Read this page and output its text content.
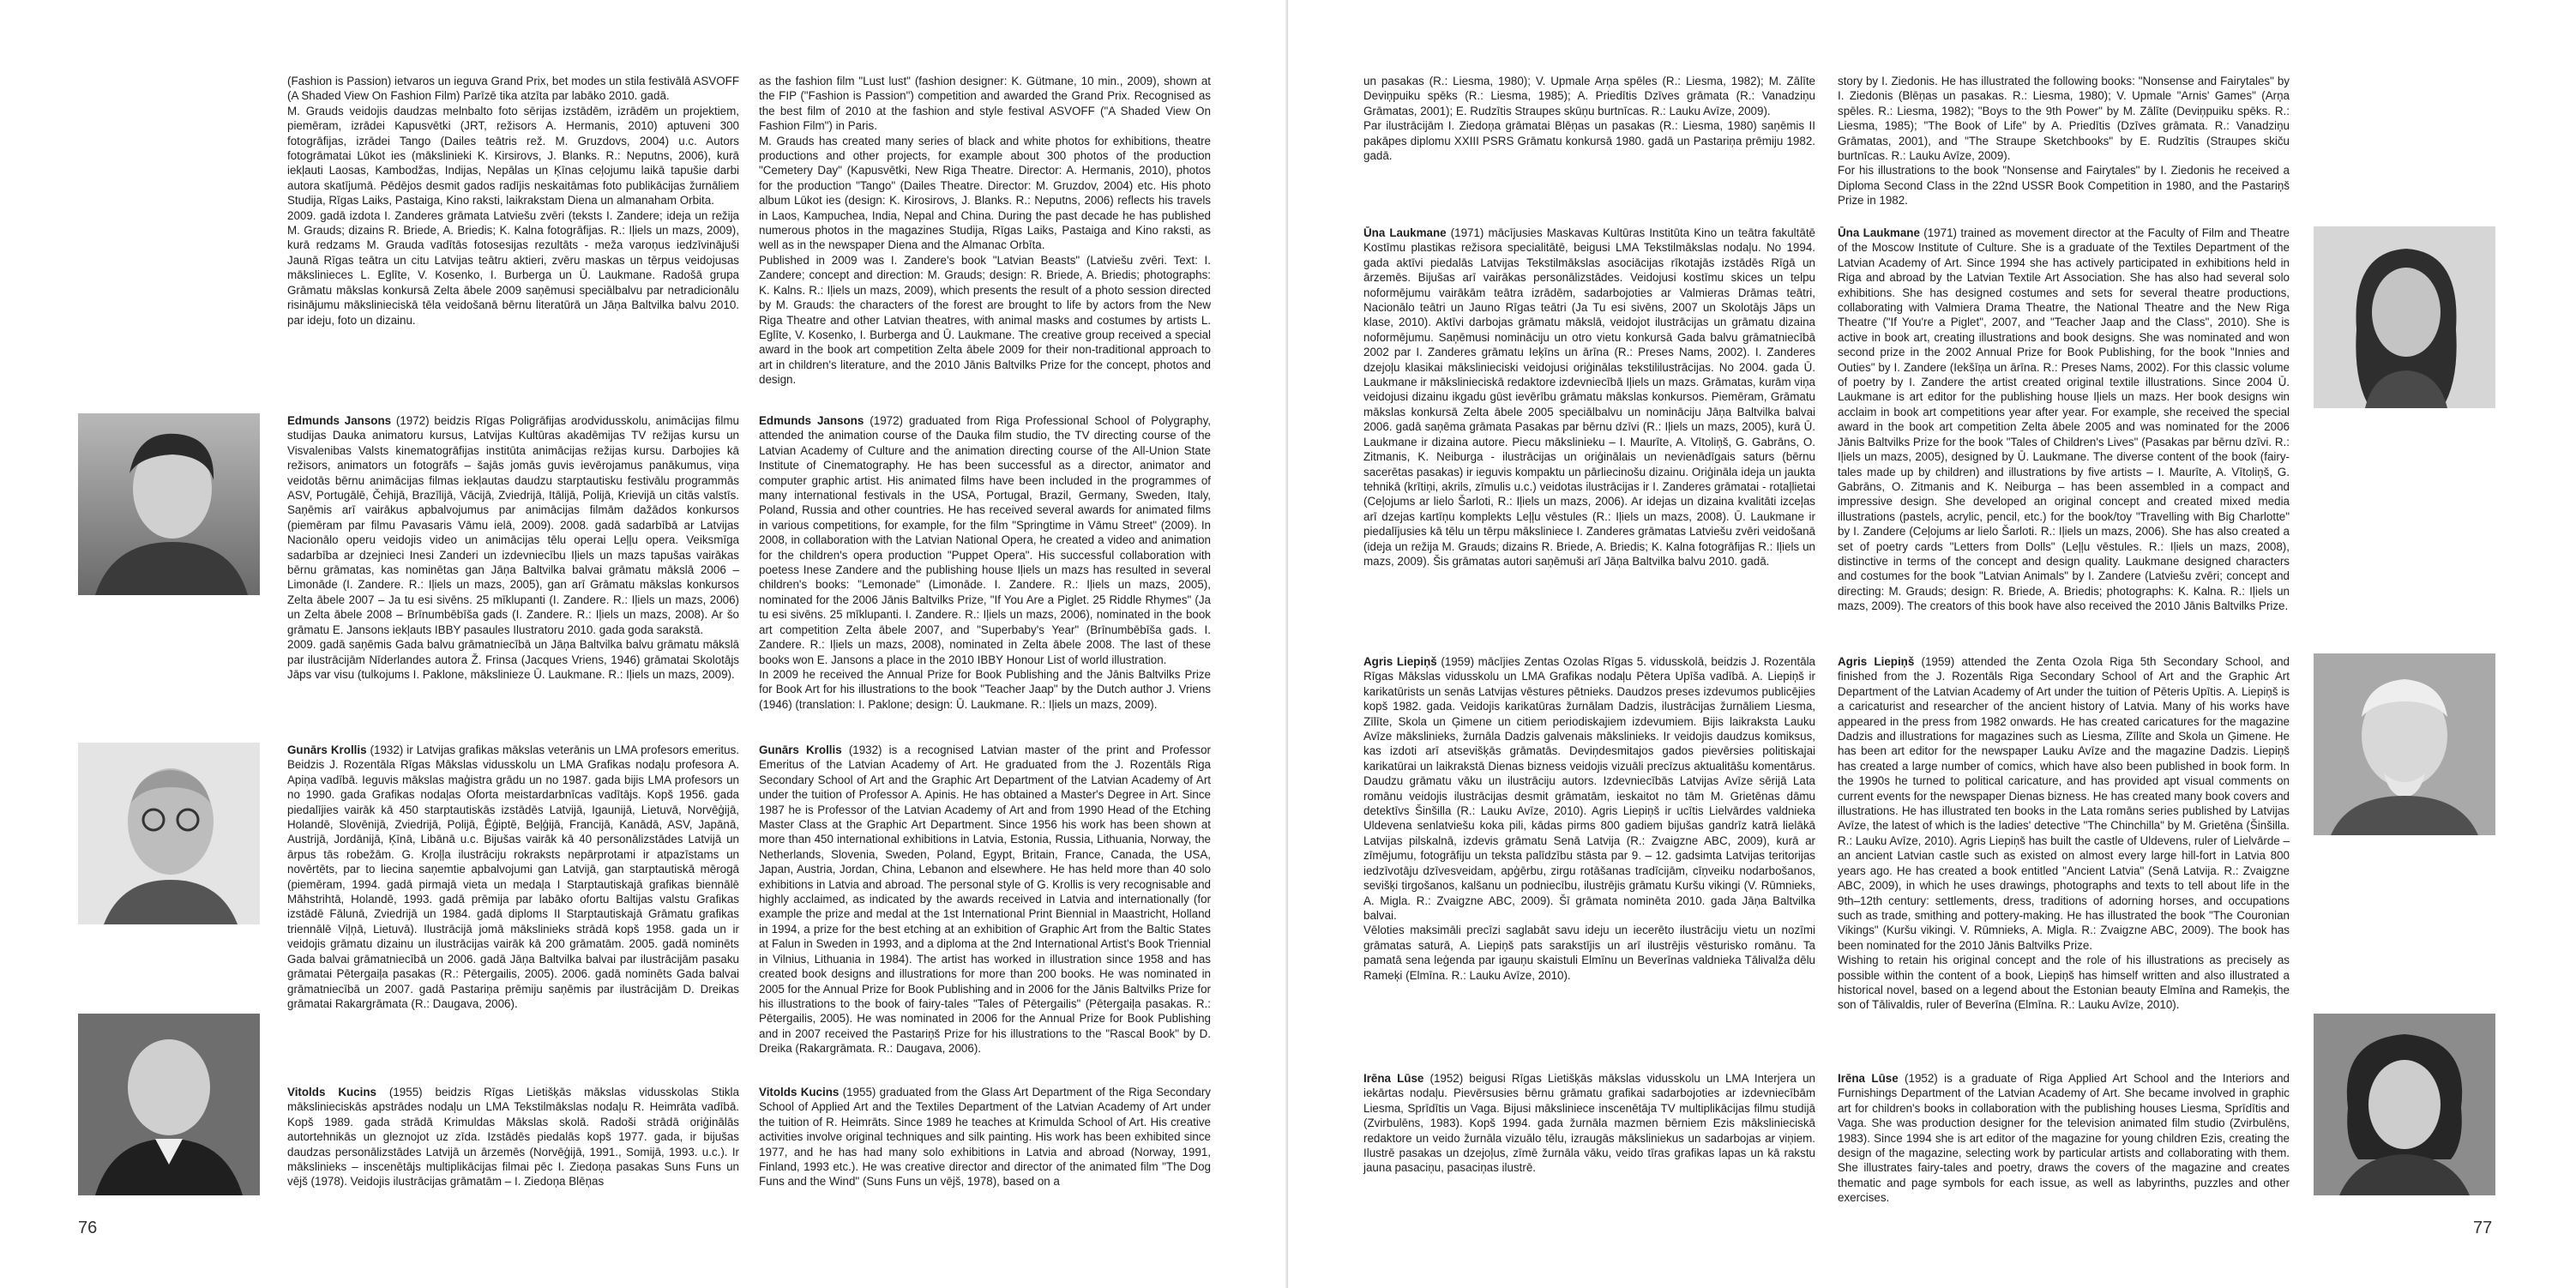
(Fashion is Passion) ietvaros un ieguva Grand Prix, bet modes un stila festivālā ASVOFF (A Shaded View On Fashion Film) Parīzē tika atzīta par labāko 2010. gadā.

M. Grauds veidojis daudzas melnbalto foto sērijas izstādēm, izrādēm un projektiem, piemēram, izrādei Kapusvētki (JRT, režisors A. Hermanis, 2010) aptuveni 300 fotogrāfijas, izrādei Tango (Dailes teātris rež. M. Gruzdovs, 2004) u.c. Autors fotogrāmatai Lūkot ies (mākslinieki K. Kirsirovs, J. Blanks. R.: Neputns, 2006), kurā iekļauti Laosas, Kambodžas, Indijas, Nepālas un Ķīnas ceļojumu laikā tapušie darbi autora skatījumā. Pēdējos desmit gados radījis neskaitāmas foto publikācijas žurnāliem Studija, Rīgas Laiks, Pastaiga, Kino raksti, laikrakstam Diena un almanaham Orbita.

2009. gadā izdota I. Zanderes grāmata Latviešu zvēri (teksts I. Zandere; ideja un režija M. Grauds; dizains R. Briede, A. Briedis; K. Kalna fotogrāfijas. R.: Iļiels un mazs, 2009), kurā redzams M. Grauda vadītās fotosesijas rezultāts - meža varoņus iedzīvinājuši Jaunā Rīgas teātra un citu Latvijas teātru aktieri, zvēru maskas un tērpus veidojusas mākslinieces L. Eglīte, V. Kosenko, I. Burberga un Ū. Laukmane. Radošā grupa Grāmatu mākslas konkursā Zelta ābele 2009 saņēmusi speciālbalvu par netradicionālu risinājumu mākslinieciskā tēla veidošanā bērnu literatūrā un Jāņa Baltvilka balvu 2010. par ideju, foto un dizainu.

as the fashion film "Lust lust" (fashion designer: K. Gütmane, 10 min., 2009), shown at the FIP ("Fashion is Passion") competition and awarded the Grand Prix. Recognised as the best film of 2010 at the fashion and style festival ASVOFF ("A Shaded View On Fashion Film") in Paris.

M. Grauds has created many series of black and white photos for exhibitions, theatre productions and other projects, for example about 300 photos of the production "Cemetery Day" (Kapusvētki, New Riga Theatre. Director: A. Hermanis, 2010), photos for the production "Tango" (Dailes Theatre. Director: M. Gruzdov, 2004) etc. His photo album Lūkot ies (design: K. Kirosirovs, J. Blanks. R.: Neputns, 2006) reflects his travels in Laos, Kampuchea, India, Nepal and China. During the past decade he has published numerous photos in the magazines Studija, Rīgas Laiks, Pastaiga and Kino raksti, as well as in the newspaper Diena and the Almanac Orbīta.

Published in 2009 was I. Zandere's book "Latvian Beasts" (Latviešu zvēri. Text: I. Zandere; concept and direction: M. Grauds; design: R. Briede, A. Briedis; photographs: K. Kalns. R.: Iļiels un mazs, 2009), which presents the result of a photo session directed by M. Grauds: the characters of the forest are brought to life by actors from the New Riga Theatre and other Latvian theatres, with animal masks and costumes by artists L. Eglīte, V. Kosenko, I. Burberga and Ū. Laukmane. The creative group received a special award in the book art competition Zelta ābele 2009 for their non-traditional approach to art in children's literature, and the 2010 Jānis Baltvilks Prize for the concept, photos and design.

Edmunds Jansons (1972) beidzis Rīgas Poligrāfijas arodvidusskolu, animācijas filmu studijas Dauka animatoru kursus, Latvijas Kultūras akadēmijas TV režijas kursu un Visvalenibas Valsts kinematogrāfijas institūta animācijas režijas kursu. Darbojies kā režisors, animators un fotogrāfs – šajās jomās guvis ievērojamus panākumus, viņa veidotās bērnu animācijas filmas iekļautas daudzu starptautisku festivālu programmās ASV, Portugālē, Čehijā, Brazīlijā, Vācijā, Zviedrijā, Itālijā, Polijā, Krievijā un citās valstīs. Saņēmis arī vairākus apbalvojumus par animācijas filmām dažādos konkursos (piemēram par filmu Pavasaris Vāmu ielā, 2009). 2008. gadā sadarbībā ar Latvijas Nacionālo operu veidojis video un animācijas tēlu operai Leļļu opera. Veiksmīga sadarbība ar dzejnieci Inesi Zanderi un izdevniecību Iļiels un mazs tapušas vairākas bērnu grāmatas, kas nominētas gan Jāņa Baltvilka balvai grāmatu mākslā 2006 – Limonāde (I. Zandere. R.: Iļiels un mazs, 2005), gan arī Grāmatu mākslas konkursos Zelta ābele 2007 – Ja tu esi sivēns. 25 mīklupanti (I. Zandere. R.: Iļiels un mazs, 2006) un Zelta ābele 2008 – Brīnumbēbīša gads (I. Zandere. R.: Iļiels un mazs, 2008). Ar šo grāmatu E. Jansons iekļauts IBBY pasaules Ilustratoru 2010. gada goda sarakstā.
2009. gadā saņēmis Gada balvu grāmatniecībā un Jāņa Baltvilka balvu grāmatu mākslā par ilustrācijām Nīderlandes autora Ž. Frinsa (Jacques Vriens, 1946) grāmatai Skolotājs Jāps var visu (tulkojums I. Paklone, mākslinieze Ū. Laukmane. R.: Iļiels un mazs, 2009).

Edmunds Jansons (1972) graduated from Riga Professional School of Polygraphy, attended the animation course of the Dauka film studio, the TV directing course of the Latvian Academy of Culture and the animation directing course of the All-Union State Institute of Cinematography. He has been successful as a director, animator and computer graphic artist. His animated films have been included in the programmes of many international festivals in the USA, Portugal, Brazil, Germany, Sweden, Italy, Poland, Russia and other countries. He has received several awards for animated films in various competitions, for example, for the film "Springtime in Vāmu Street" (2009). In 2008, in collaboration with the Latvian National Opera, he created a video and animation for the children's opera production "Puppet Opera". His successful collaboration with poetess Inese Zandere and the publishing house Iļiels un mazs has resulted in several children's books: "Lemonade" (Limonāde. I. Zandere. R.: Iļiels un mazs, 2005), nominated for the 2006 Jānis Baltvilks Prize, "If You Are a Piglet. 25 Riddle Rhymes" (Ja tu esi sivēns. 25 mīklupanti. I. Zandere. R.: Iļiels un mazs, 2006), nominated in the book art competition Zelta ābele 2007, and "Superbaby's Year" (Brīnumbēbīša gads. I. Zandere. R.: Iļiels un mazs, 2008), nominated in Zelta ābele 2008. The last of these books won E. Jansons a place in the 2010 IBBY Honour List of world illustration.
In 2009 he received the Annual Prize for Book Publishing and the Jānis Baltvilks Prize for Book Art for his illustrations to the book "Teacher Jaap" by the Dutch author J. Vriens (1946) (translation: I. Paklone; design: Ū. Laukmane. R.: Iļiels un mazs, 2009).

Gunārs Krollis (1932) ir Latvijas grafikas mākslas veterānis un LMA profesors emeritus. Beidzis J. Rozentāla Rīgas Mākslas vidusskolu un LMA Grafikas nodaļu profesora A. Apiņa vadībā. Ieguvis mākslas maģistra grādu un no 1987. gada bijis LMA profesors un no 1990. gada Grafikas nodaļas Oforta meistardarbnīcas vadītājs. Kopš 1956. gada piedalījies vairāk kā 450 starptautiskās izstādēs Latvijā, Igaunijā, Lietuvā, Norvēģijā, Holandē, Slovēnijā, Zviedrijā, Polijā, Ēģiptē, Beļģijā, Francijā, Kanādā, ASV, Japānā, Austrijā, Jordānijā, Ķīnā, Libānā u.c. Bijušas vairāk kā 40 personālizstādes Latvijā un ārpus tās robežām. G. Kroļļa ilustrāciju rokraksts nepārprotami ir atpazīstams un novērtēts, par to liecina saņemtie apbalvojumi gan Latvijā, gan starptautiskā mērogā (piemēram, 1994. gadā pirmajā vieta un medaļa I Starptautiskajā grafikas biennālē Māhstrihtā, Holandē, 1993. gadā prēmija par labāko ofortu Baltijas valstu Grafikas izstādē Fālunā, Zviedrijā un 1984. gadā diploms II Starptautiskajā Grāmatu grafikas triennālē Viļņā, Lietuvā). Ilustrācijā jomā mākslinieks strādā kopš 1958. gada un ir veidojis grāmatu dizainu un ilustrācijas vairāk kā 200 grāmatām. 2005. gadā nominēts Gada balvai grāmatniecībā un 2006. gadā Jāņa Baltvilka balvai par ilustrācijām pasaku grāmatai Pētergaiļa pasakas (R.: Pētergailis, 2005). 2006. gadā nominēts Gada balvai grāmatniecībā un 2007. gadā Pastariņa prēmiju saņēmis par ilustrācijām D. Dreikas grāmatai Rakargrāmata (R.: Daugava, 2006).

Gunārs Krollis (1932) is a recognised Latvian master of the print and Professor Emeritus of the Latvian Academy of Art. He graduated from the J. Rozentāls Riga Secondary School of Art and the Graphic Art Department of the Latvian Academy of Art under the tuition of Professor A. Apinis. He has obtained a Master's Degree in Art. Since 1987 he is Professor of the Latvian Academy of Art and from 1990 Head of the Etching Master Class at the Graphic Art Department. Since 1956 his work has been shown at more than 450 international exhibitions in Latvia, Estonia, Russia, Lithuania, Norway, the Netherlands, Slovenia, Sweden, Poland, Egypt, Britain, France, Canada, the USA, Japan, Austria, Jordan, China, Lebanon and elsewhere. He has held more than 40 solo exhibitions in Latvia and abroad. The personal style of G. Krollis is very recognisable and highly acclaimed, as indicated by the awards received in Latvia and internationally (for example the prize and medal at the 1st International Print Biennial in Maastricht, Holland in 1994, a prize for the best etching at an exhibition of Graphic Art from the Baltic States at Falun in Sweden in 1993, and a diploma at the 2nd International Artist's Book Triennial in Vilnius, Lithuania in 1984). The artist has worked in illustration since 1958 and has created book designs and illustrations for more than 200 books. He was nominated in 2005 for the Annual Prize for Book Publishing and in 2006 for the Jānis Baltvilks Prize for his illustrations to the book of fairy-tales "Tales of Pētergailis" (Pētergaiļa pasakas. R.: Pētergailis, 2005). He was nominated in 2006 for the Annual Prize for Book Publishing and in 2007 received the Pastariņš Prize for his illustrations to the "Rascal Book" by D. Dreika (Rakargrāmata. R.: Daugava, 2006).

Vitolds Kucins (1955) beidzis Rīgas Lietišķās mākslas vidusskolas Stikla mākslinieciskās apstrādes nodaļu un LMA Tekstilmākslas nodaļu R. Heimrāta vadībā. Kopš 1989. gada strādā Krimuldas Mākslas skolā. Radoši strādā oriģinālās autortehnikās un gleznojot uz zīda. Izstādēs piedalās kopš 1977. gada, ir bijušas daudzas personālizstādes Latvijā un ārzemēs (Norvēģijā, 1991., Somijā, 1993. u.c.). Ir mākslinieks – inscenētājs multiplikācijas filmai pēc I. Ziedoņa pasakas Suns Funs un vējš (1978). Veidojis ilustrācijas grāmatām – I. Ziedoņa Blēņas

Vitolds Kucins (1955) graduated from the Glass Art Department of the Riga Secondary School of Applied Art and the Textiles Department of the Latvian Academy of Art under the tuition of R. Heimrāts. Since 1989 he teaches at Krimulda School of Art. His creative activities involve original techniques and silk painting. His work has been exhibited since 1977, and he has had many solo exhibitions in Latvia and abroad (Norway, 1991, Finland, 1993 etc.). He was creative director and director of the animated film "The Dog Funs and the Wind" (Suns Funs un vējš, 1978), based on a

76

un pasakas (R.: Liesma, 1980); V. Upmale Arņa spēles (R.: Liesma, 1982); M. Zālīte Deviņpuiku spēks (R.: Liesma, 1985); A. Priedītis Dzīves grāmata (R.: Vanadziņu Grāmatas, 2001); E. Rudzītis Straupes skūņu burtnīcas. R.: Lauku Avīze, 2009).

Par ilustrācijām I. Ziedoņa grāmatai Blēņas un pasakas (R.: Liesma, 1980) saņēmis II pakāpes diplomu XXIII PSRS Grāmatu konkursā 1980. gadā un Pastariņa prēmiju 1982. gadā.

story by I. Ziedonis. He has illustrated the following books: "Nonsense and Fairytales" by I. Ziedonis (Blēņas un pasakas. R.: Liesma, 1980); V. Upmale "Arnis' Games" (Arņa spēles. R.: Liesma, 1982); "Boys to the 9th Power" by M. Zālīte (Deviņpuiku spēks. R.: Liesma, 1985); "The Book of Life" by A. Priedītis (Dzīves grāmata. R.: Vanadziņu Grāmatas, 2001), and "The Straupe Sketchbooks" by E. Rudzītis (Straupes skiču burtnīcas. R.: Lauku Avīze, 2009).

For his illustrations to the book "Nonsense and Fairytales" by I. Ziedonis he received a Diploma Second Class in the 22nd USSR Book Competition in 1980, and the Pastariņš Prize in 1982.

Ūna Laukmane (1971) mācījusies Maskavas Kultūras Institūta Kino un teātra fakultātē Kostīmu plastikas režisora specialitātē, beigusi LMA Tekstilmākslas nodaļu. No 1994. gada aktīvi piedalās Latvijas Tekstilmākslas asociācijas rīkotajās izstādēs Rīgā un ārzemēs. Bijušas arī vairākas personālizstādes. Veidojusi kostīmu skices un telpu noformējumu vairākām teātra izrādēm, sadarbojoties ar Valmieras Drāmas teātri, Nacionālo teātri un Jauno Rīgas teātri (Ja Tu esi sivēns, 2007 un Skolotājs Jāps un klase, 2010). Aktīvi darbojas grāmatu mākslā, veidojot ilustrācijas un grāmatu dizaina noformējumu. Saņēmusi nomināciju un otro vietu konkursā Gada balvu grāmatniecībā 2002 par I. Zanderes grāmatu Ieķīns un ārīna (R.: Preses Nams, 2002). I. Zanderes dzejoļu klasikai mākslinieciski veidojusi oriģinālas tekstililustrācijas. No 2004. gada Ū. Laukmane ir mākslinieciskā redaktore izdevniecībā Iļiels un mazs. Grāmatas, kurām viņa veidojusi dizainu ikgadu gūst ievērību grāmatu mākslas konkursos. Piemēram, Grāmatu mākslas konkursā Zelta ābele 2005 speciālbalvu un nomināciju Jāņa Baltvilka balvai 2006. gadā saņēma grāmata Pasakas par bērnu dzīvi (R.: Iļiels un mazs, 2005), kurā Ū. Laukmane ir dizaina autore. Piecu mākslinieku – I. Maurīte, A. Vītoliņš, G. Gabrāns, O. Zitmanis, K. Neiburga - ilustrācijas un oriģinālais un nevienādīgais saturs (bērnu sacerētas pasakas) ir ieguvis kompaktu un pārliecinošu dizainu. Oriģināla ideja un jaukta tehnikā (krītiņi, akrils, zīmulis u.c.) veidotas ilustrācijas ir I. Zanderes grāmatai - rotaļlietai (Ceļojums ar lielo Šarloti, R.: Iļiels un mazs, 2006). Ar idejas un dizaina kvalitāti izceļas arī dzejas kartīņu komplekts Leļļu vēstules (R.: Iļiels un mazs, 2008). Ū. Laukmane ir piedalījusies kā tēlu un tērpu māksliniece I. Zanderes grāmatas Latviešu zvēri veidošanā (ideja un režija M. Grauds; dizains R. Briede, A. Briedis; K. Kalna fotogrāfijas R.: Iļiels un mazs, 2009). Šis grāmatas autori saņēmuši arī Jāņa Baltvilka balvu 2010. gadā.

Ūna Laukmane (1971) trained as movement director at the Faculty of Film and Theatre of the Moscow Institute of Culture. She is a graduate of the Textiles Department of the Latvian Academy of Art. Since 1994 she has actively participated in exhibitions held in Riga and abroad by the Latvian Textile Art Association. She has also had several solo exhibitions. She has designed costumes and sets for several theatre productions, collaborating with Valmiera Drama Theatre, the National Theatre and the New Riga Theatre ("If You're a Piglet", 2007, and "Teacher Jaap and the Class", 2010). She is active in book art, creating illustrations and book designs. She was nominated and won second prize in the 2002 Annual Prize for Book Publishing, for the book "Innies and Outies" by I. Zandere (Iekšīņa un ārīna. R.: Preses Nams, 2002). For this classic volume of poetry by I. Zandere the artist created original textile illustrations. Since 2004 Ū. Laukmane is art editor for the publishing house Iļiels un mazs. Her book designs win acclaim in book art competitions year after year. For example, she received the special award in the book art competition Zelta ābele 2005 and was nominated for the 2006 Jānis Baltvilks Prize for the book "Tales of Children's Lives" (Pasakas par bērnu dzīvi. R.: Iļiels un mazs, 2005), designed by Ū. Laukmane. The diverse content of the book (fairy-tales made up by children) and illustrations by five artists – I. Maurīte, A. Vītoliņš, G. Gabrāns, O. Zitmanis and K. Neiburga – has been assembled in a compact and impressive design. She developed an original concept and created mixed media illustrations (pastels, acrylic, pencil, etc.) for the book/toy "Travelling with Big Charlotte" by I. Zandere (Ceļojums ar lielo Šarloti. R.: Iļiels un mazs, 2006). She has also created a set of poetry cards "Letters from Dolls" (Leļļu vēstules. R.: Iļiels un mazs, 2008), distinctive in terms of the concept and design quality. Laukmane designed characters and costumes for the book "Latvian Animals" by I. Zandere (Latviešu zvēri; concept and directing: M. Grauds; design: R. Briede, A. Briedis; photographs: K. Kalna. R.: Iļiels un mazs, 2009). The creators of this book have also received the 2010 Jānis Baltvilks Prize.

Agris Liepiņš (1959) mācījies Zentas Ozolas Rīgas 5. vidusskolā, beidzis J. Rozentāla Rīgas Mākslas vidusskolu un LMA Grafikas nodaļu Pētera Upīša vadībā. A. Liepiņš ir karikatūrists un senās Latvijas vēstures pētnieks. Daudzos preses izdevumos publicējies kopš 1982. gada. Veidojis karikatūras žurnālam Dadzis, ilustrācijas žurnāliem Liesma, Zīlīte, Skola un Ģimene un citiem periodiskajiem izdevumiem. Bijis laikraksta Lauku Avīze mākslinieks, žurnāla Dadzis galvenais mākslinieks. Ir veidojis daudzus komiksus, kas izdoti arī atsevišķās grāmatās. Deviņdesmitajos gados pievērsies politiskajai karikatūrai un laikrakstā Dienas bizness veidojis vizuāli precīzus aktualitāšu komentārus. Daudzu grāmatu vāku un ilustrāciju autors. Izdevniecībās Latvijas Avīze sērijā Lata romānu veidojis ilustrācijas desmit grāmatām, ieskaitot no tām M. Grietēnas dāmu detektīvs Šinšilla (R.: Lauku Avīze, 2010). Agris Liepiņš ir ucītis Lielvārdes valdnieka Uldevena senlatviešu koka pili, kādas pirms 800 gadiem bijušas gandrīz katrā lielākā Latvijas pilskalnā, izdevis grāmatu Senā Latvija (R.: Zvaigzne ABC, 2009), kurā ar zīmējumu, fotogrāfiju un teksta palīdzību stāsta par 9. – 12. gadsimta Latvijas teritorijas iedzīvotāju dzīvesveidam, apģērbu, zirgu rotāšanas tradīcijām, cīņveiku nodarbošanos, sevišķi tirgošanos, kalšanu un podniecību, ilustrējis grāmatu Kuršu vikingi (V. Rūmnieks, A. Migla. R.: Zvaigzne ABC, 2009). Šī grāmata nominēta 2010. gada Jāņa Baltvilka balvai.
Vēloties maksimāli precīzi saglabāt savu ideju un iecerēto ilustrāciju vietu un nozīmi grāmatas saturā, A. Liepiņš pats sarakstījis un arī ilustrējis vēsturisko romānu. Ta pamatā sena leģenda par igauņu skaistuli Elmīnu un Beverīnas valdnieka Tālivalža dēlu Rameķi (Elmīna. R.: Lauku Avīze, 2010).

Agris Liepiņš (1959) attended the Zenta Ozola Riga 5th Secondary School, and finished from the J. Rozentāls Riga Secondary School of Art and the Graphic Art Department of the Latvian Academy of Art under the tuition of Pēteris Upītis. A. Liepiņš is a caricaturist and researcher of the ancient history of Latvia. Many of his works have appeared in the press from 1982 onwards. He has created caricatures for the magazine Dadzis and illustrations for magazines such as Liesma, Zīlīte and Skola un Ģimene. He has been art editor for the newspaper Lauku Avīze and the magazine Dadzis. Liepiņš has created a large number of comics, which have also been published in book form. In the 1990s he turned to political caricature, and has provided apt visual comments on current events for the newspaper Dienas bizness. He has created many book covers and illustrations. He has illustrated ten books in the Lata romāns series published by Latvijas Avīze, the latest of which is the ladies' detective "The Chinchilla" by M. Grietēna (Šinšilla. R.: Lauku Avīze, 2010). Agris Liepiņš has built the castle of Uldevens, ruler of Lielvārde – an ancient Latvian castle such as existed on almost every large hill-fort in Latvia 800 years ago. He has created a book entitled "Ancient Latvia" (Senā Latvija. R.: Zvaigzne ABC, 2009), in which he uses drawings, photographs and texts to tell about life in the 9th–12th century: settlements, dress, traditions of adorning horses, and occupations such as trade, smithing and pottery-making. He has illustrated the book "The Couronian Vikings" (Kuršu vikingi. V. Rūmnieks, A. Migla. R.: Zvaigzne ABC, 2009). The book has been nominated for the 2010 Jānis Baltvilks Prize.
Wishing to retain his original concept and the role of his illustrations as precisely as possible within the content of a book, Liepiņš has himself written and also illustrated a historical novel, based on a legend about the Estonian beauty Elmīna and Rameķis, the son of Tālivaldis, ruler of Beverīna (Elmīna. R.: Lauku Avīze, 2010).

Irēna Lūse (1952) beigusi Rīgas Lietišķās mākslas vidusskolu un LMA Interjera un iekārtas nodaļu. Pievērsusies bērnu grāmatu grafikai sadarbojoties ar izdevniecībām Liesma, Sprīdītis un Vaga. Bijusi māksliniece inscenētāja TV multiplikācijas filmu studijā (Zvirbulēns, 1983). Kopš 1994. gada žurnāla mazmen bērniem Ezis mākslinieciskā redaktore un veido žurnāla vizuālo tēlu, izraugās māksliniekus un sadarbojas ar viņiem. Ilustrē pasakas un dzejoļus, zīmē žurnāla vāku, veido tīras grafikas lapas un kā rakstu jauna pasaciņu, pasaciņas ilustrē.

Irēna Lūse (1952) is a graduate of Riga Applied Art School and the Interiors and Furnishings Department of the Latvian Academy of Art. She became involved in graphic art for children's books in collaboration with the publishing houses Liesma, Sprīdītis and Vaga. She was production designer for the television animated film studio (Zvirbulēns, 1983). Since 1994 she is art editor of the magazine for young children Ezis, creating the design of the magazine, selecting work by particular artists and collaborating with them. She illustrates fairy-tales and poetry, draws the covers of the magazine and creates thematic and page symbols for each issue, as well as labyrinths, puzzles and other exercises.

77
